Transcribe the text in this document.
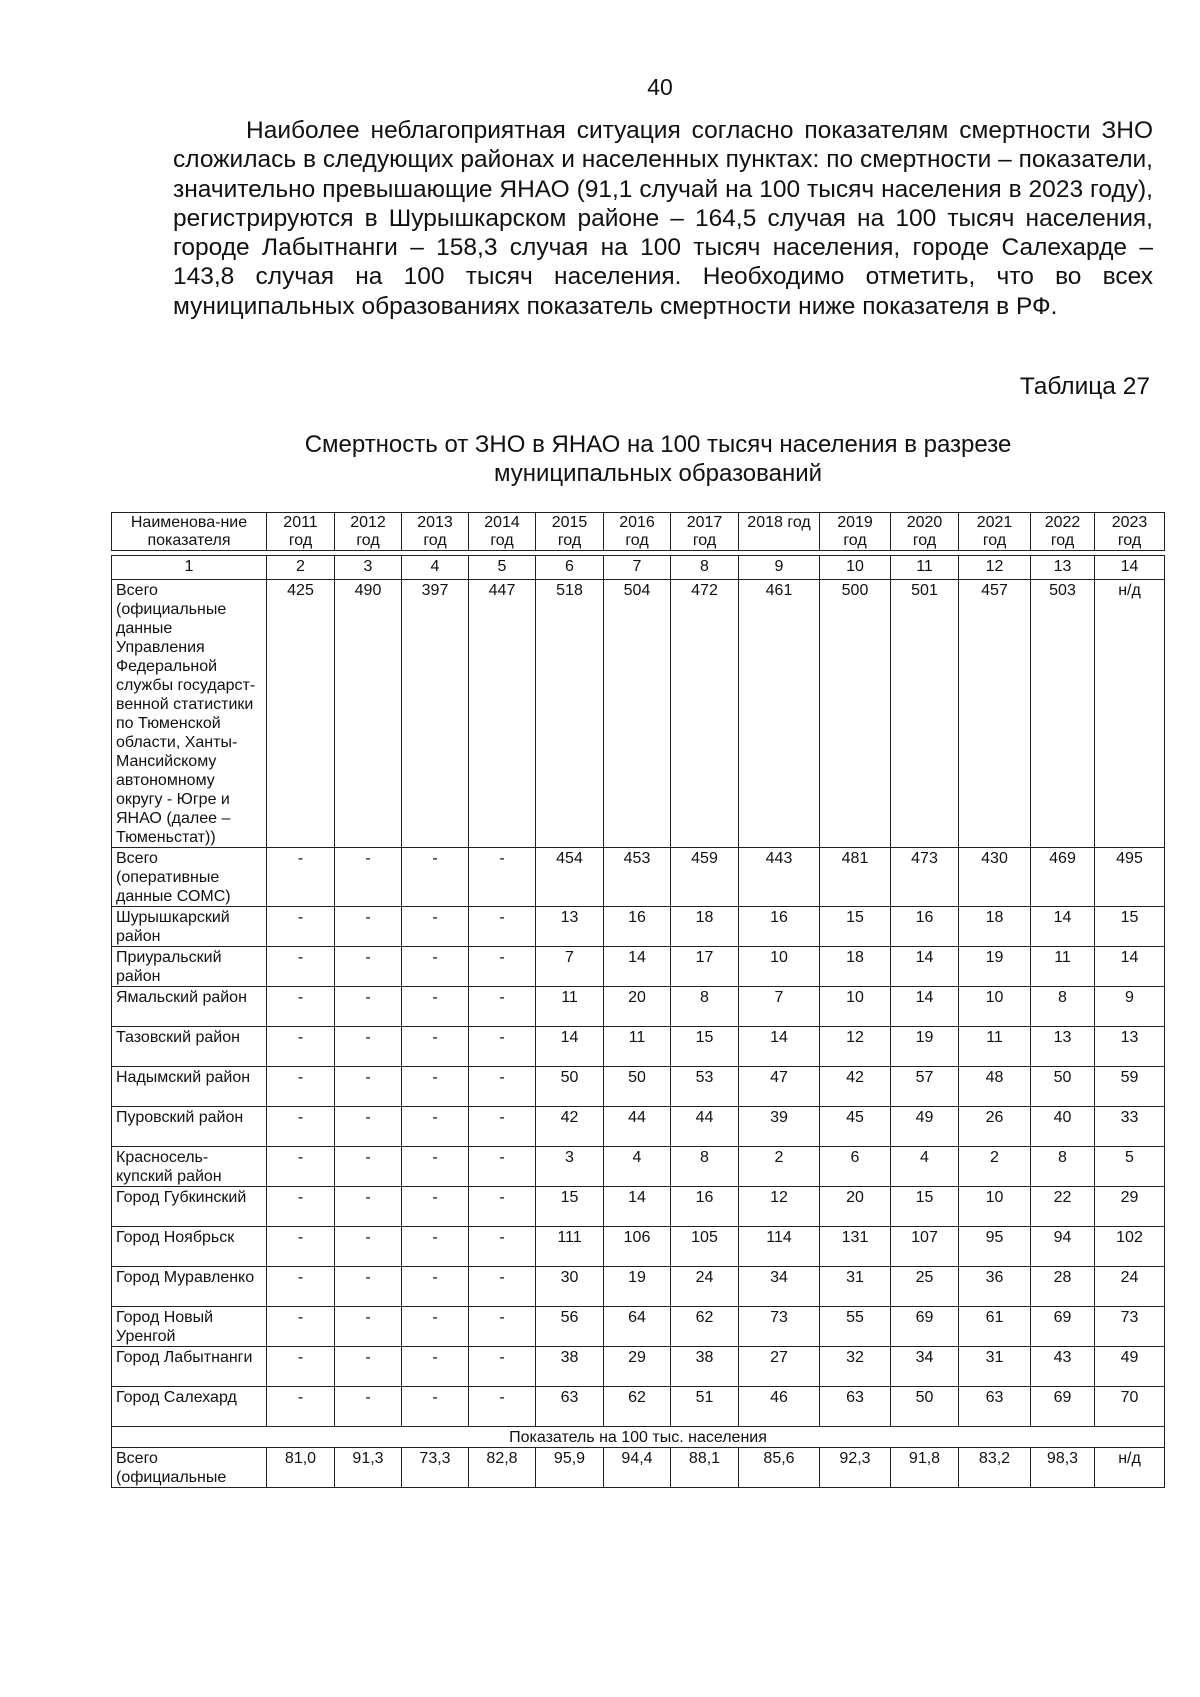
40

Наиболее неблагоприятная ситуация согласно показателям смертности ЗНО сложилась в следующих районах и населенных пунктах: по смертности – показатели, значительно превышающие ЯНАО (91,1 случай на 100 тысяч населения в 2023 году), регистрируются в Шурышкарском районе – 164,5 случая на 100 тысяч населения, городе Лабытнанги – 158,3 случая на 100 тысяч населения, городе Салехарде – 143,8 случая на 100 тысяч населения. Необходимо отметить, что во всех муниципальных образованиях показатель смертности ниже показателя в РФ.

Таблица 27
Смертность от ЗНО в ЯНАО на 100 тысяч населения в разрезе муниципальных образований
Наименова-ние показателя	2011 год	2012 год	2013 год	2014 год	2015 год	2016 год	2017 год	2018 год	2019 год	2020 год	2021 год	2022 год	2023 год

1	2	3	4	5	6	7	8	9	10	11	12	13	14
Всего (официальные данные Управления Федеральной службы государст-венной статистики по Тюменской области, Ханты-Мансийскому автономному округу - Югре и ЯНАО (далее – Тюменьстат))	425	490	397	447	518	504	472	461	500	501	457	503	н/д
Всего (оперативные данные СОМС)	-	-	-	-	454	453	459	443	481	473	430	469	495
Шурышкарский район	-	-	-	-	13	16	18	16	15	16	18	14	15
Приуральский район	-	-	-	-	7	14	17	10	18	14	19	11	14
Ямальский район	-	-	-	-	11	20	8	7	10	14	10	8	9
Тазовский район	-	-	-	-	14	11	15	14	12	19	11	13	13
Надымский район	-	-	-	-	50	50	53	47	42	57	48	50	59
Пуровский район	-	-	-	-	42	44	44	39	45	49	26	40	33
Красносель-купский район	-	-	-	-	3	4	8	2	6	4	2	8	5
Город Губкинский	-	-	-	-	15	14	16	12	20	15	10	22	29
Город Ноябрьск	-	-	-	-	111	106	105	114	131	107	95	94	102
Город Муравленко	-	-	-	-	30	19	24	34	31	25	36	28	24
Город Новый Уренгой	-	-	-	-	56	64	62	73	55	69	61	69	73
Город Лабытнанги	-	-	-	-	38	29	38	27	32	34	31	43	49
Город Салехард	-	-	-	-	63	62	51	46	63	50	63	69	70
Показатель на 100 тыс. населения													
Всего (официальные	81,0	91,3	73,3	82,8	95,9	94,4	88,1	85,6	92,3	91,8	83,2	98,3	н/д
